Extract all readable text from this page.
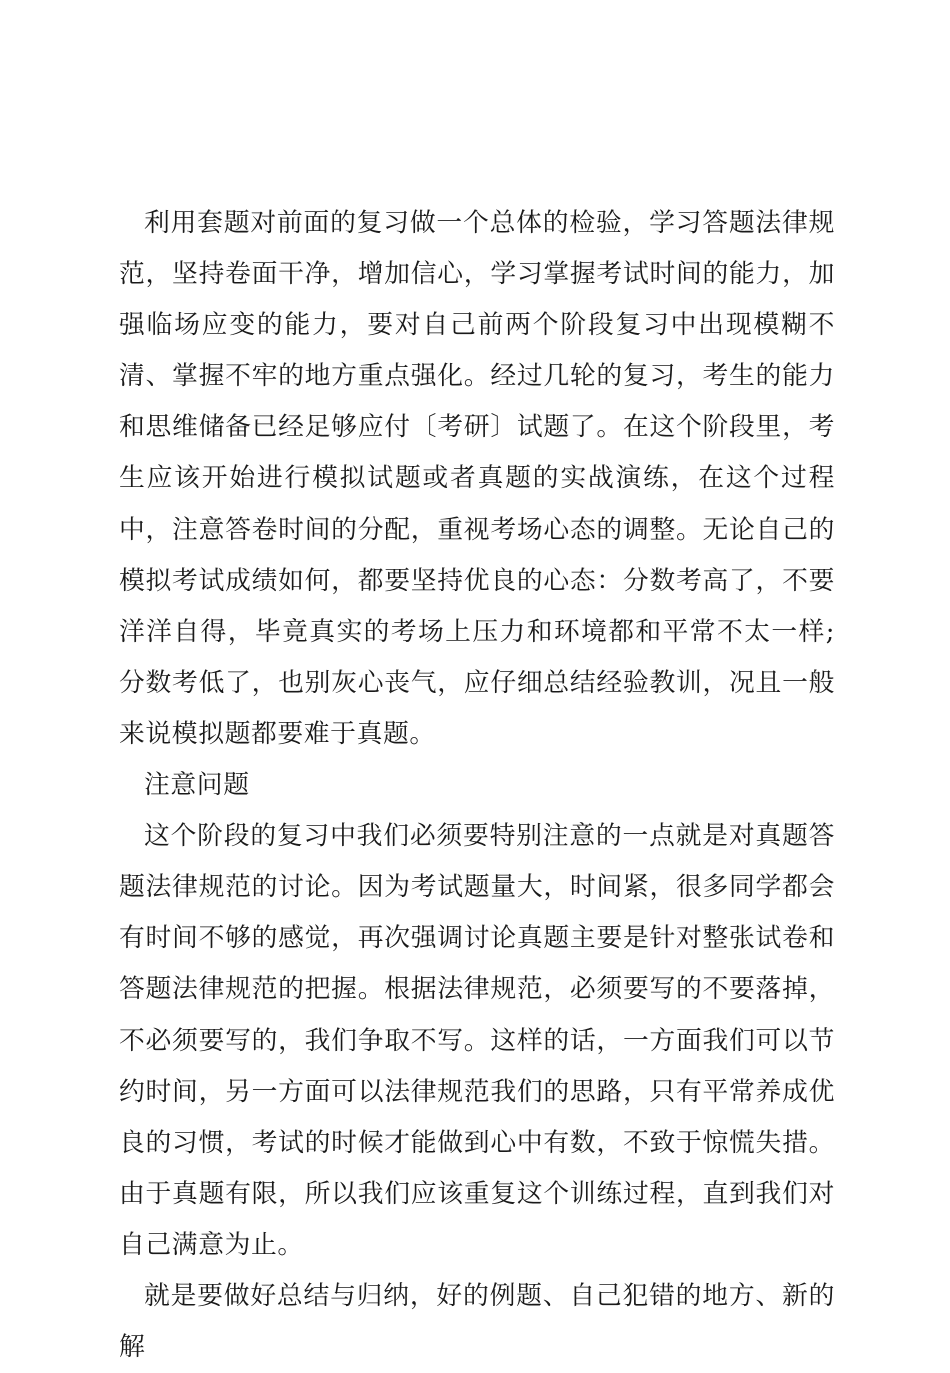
利用套题对前面的复习做一个总体的检验，学习答题法律规范，坚持卷面干净，增加信心，学习掌握考试时间的能力，加强临场应变的能力，要对自己前两个阶段复习中出现模糊不清、掌握不牢的地方重点强化。经过几轮的复习，考生的能力和思维储备已经足够应付〔考研〕试题了。在这个阶段里，考生应该开始进行模拟试题或者真题的实战演练，在这个过程中，注意答卷时间的分配，重视考场心态的调整。无论自己的模拟考试成绩如何，都要坚持优良的心态：分数考高了，不要洋洋自得，毕竟真实的考场上压力和环境都和平常不太一样;分数考低了，也别灰心丧气，应仔细总结经验教训，况且一般来说模拟题都要难于真题。

注意问题

这个阶段的复习中我们必须要特别注意的一点就是对真题答题法律规范的讨论。因为考试题量大，时间紧，很多同学都会有时间不够的感觉，再次强调讨论真题主要是针对整张试卷和答题法律规范的把握。根据法律规范，必须要写的不要落掉，不必须要写的，我们争取不写。这样的话，一方面我们可以节约时间，另一方面可以法律规范我们的思路，只有平常养成优良的习惯，考试的时候才能做到心中有数，不致于惊慌失措。由于真题有限，所以我们应该重复这个训练过程，直到我们对自己满意为止。

就是要做好总结与归纳，好的例题、自己犯错的地方、新的解
